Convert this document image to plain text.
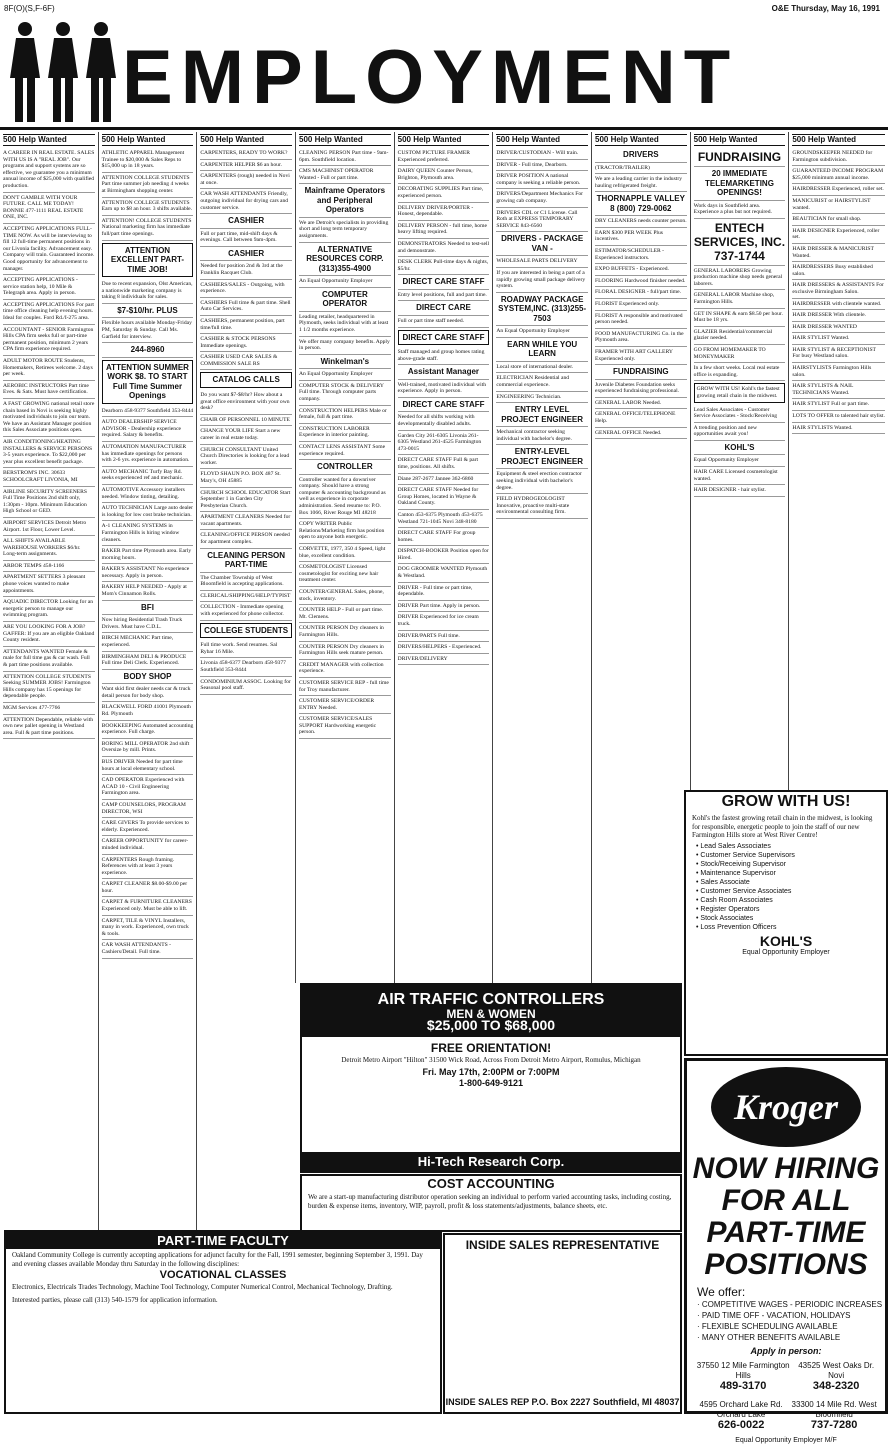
8F(O)(S,F-6F)	O&E Thursday, May 16, 1991
EMPLOYMENT
500 Help Wanted
A CAREER IN REAL ESTATE. SALES WITH US IS A "REAL JOB". Our programs and support systems are so effective, we guarantee you a minimum annual income of $25,000 with qualified production.
DON'T GAMBLE WITH YOUR FUTURE. CALL ME TODAY! BONNIE 477-1111 REAL ESTATE ONE, INC.
ACCEPTING APPLICATIONS FULL-TIME NOW. As will be interviewing to fill 12 full-time permanent positions in our Livonia facility. Advancement easy. Company will train. Guaranteed income. Good opportunity for advancement to manager.
ACCEPTING APPLICATIONS - service station help, 10 Mile & Telegraph area. Apply in person.
ACCEPTING APPLICATIONS For part time office cleaning help evening hours. Ideal for couples. Ford Rd./I-275 area.
ACCOUNTANT - SENIOR Farmington Hills CPA firm seeks full or part-time permanent position, minimum 2 years CPA firm experience required.
ADULT MOTOR ROUTE Students, Homemakers, Retirees welcome. 2 days per week.
AEROBIC INSTRUCTORS Part time Eves. & Sats. Must have certification.
A FAST GROWING national retail store chain based in Novi is seeking highly motivated individuals to join our team. We have an Assistant Manager position this Sales Associate positions open.
AIR CONDITIONING/HEATING INSTALLERS & SERVICE PERSONS 3-5 years experience. To $22,000 per year plus excellent benefit package.
BERSTROM'S INC. 30633 SCHOOLCRAFT LIVONIA, MI
AIRLINE SECURITY SCREENERS Full Time Positions 2nd shift only, 1:30pm - 10pm. Minimum Education High School or GED.
AIRPORT SERVICES Detroit Metro Airport. 1st Floor, Lower Level.
ALL SHIFTS AVAILABLE WAREHOUSE WORKERS $6/hr. Long-term assignments.
ARBOR TEMPS 458-1166
APARTMENT SETTERS 3 pleasant phone voices wanted to make appointments.
AQUADIC DIRECTOR Looking for an energetic person to manage our swimming program.
ARE YOU LOOKING FOR A JOB? GAFFER: If you are an eligible Oakland County resident.
ATTENDANTS WANTED Female & male for full time gas & car wash. Full & part time positions available.
ATTENTION COLLEGE STUDENTS Seeking SUMMER JOBS! Farmington Hills company has 15 openings for dependable people.
MGM Services 477-7766
ATTENTION Dependable, reliable with own new pallet opening in Westland area. Full & part time positions.
500 Help Wanted
ATHLETIC APPAREL Management Trainee to $20,000 & Sales Reps to $15,000 up in 18 years.
ATTENTION COLLEGE STUDENTS Part time summer job needing 4 weeks at Birmingham shopping center.
ATTENTION COLLEGE STUDENTS Earn up to $8 an hour. 3 shifts available.
ATTENTION! COLLEGE STUDENTS National marketing firm has immediate full/part time openings.
ATTENTION EXCELLENT PART-TIME JOB!
Due to recent expansion, Olst American, a nationwide marketing company is taking 8 individuals for sales.
$7-$10/hr. PLUS
Flexible hours available Monday-Friday PM, Saturday & Sunday. Call Ms. Garfield for interview.
244-8960
ATTENTION SUMMER WORK $8. TO START Full Time Summer Openings
Dearborn 458-9377 Southfield 353-8444
AUTO DEALERSHIP SERVICE ADVISOR - Dealership experience required. Salary & benefits.
AUTOMATION MANUFACTURER has immediate openings for persons with 2-6 yrs. experience in automation.
AUTO MECHANIC Turfy Bay Rd. seeks experienced ref and mechanic.
AUTOMOTIVE Accessory installers needed. Window tinting, detailing.
AUTO TECHNICIAN Large auto dealer is looking for low cost brake technician.
A-1 CLEANING SYSTEMS in Farmington Hills is hiring window cleaners.
BAKER Part time Plymouth area. Early morning hours.
BAKER'S ASSISTANT No experience necessary. Apply in person.
BAKERY HELP NEEDED - Apply at Mom's Cinnamon Rolls.
BFI
Now hiring Residential Trash Truck Drivers. Must have C.D.L.
BIRCH MECHANIC Part time, experienced.
BIRMINGHAM DELI & PRODUCE Full time Deli Clerk. Experienced.
BODY SHOP
Want skid first dealer needs car & truck detail person for body shop.
BLACKWELL FORD 41001 Plymouth Rd. Plymouth
BOOKKEEPING Automated accounting experience. Full charge.
BORING MILL OPERATOR 2nd shift Oversize by mill. Prints.
BUS DRIVER Needed for part time hours at local elementary school.
CAD OPERATOR Experienced with ACAD 10 - Civil Engineering Farmington area.
CAMP COUNSELORS, PROGRAM DIRECTOR, WSI
CARE GIVERS To provide services to elderly. Experienced.
CAREER OPPORTUNITY for career-minded individual.
CARPENTERS Rough framing. References with at least 3 years experience.
CARPET CLEANER $8.00-$9.00 per hour.
CARPET & FURNITURE CLEANERS Experienced only. Must be able to lift.
CARPET, TILE & VINYL Installers, many in work. Experienced, own truck & tools.
CAR WASH ATTENDANTS - Cashiers/Detail. Full time.
500 Help Wanted
CARPENTERS, READY TO WORK?
CARPENTER HELPER $6 an hour.
CARPENTERS (rough) needed in Novi at once.
CAR WASH ATTENDANTS Friendly, outgoing individual for drying cars and customer service.
CASHIER
Full or part time, mid-shift days & evenings. Call between 9am-4pm.
CASHIER
Needed for position 2nd & 3rd at the Franklin Racquet Club.
CASHIERS/SALES - Outgoing, with experience.
CASHIERS Full time & part time. Shell Auto Car Services.
CASHIERS, permanent position, part time/full time.
CASHIER & STOCK PERSONS Immediate openings.
CASHIER USED CAR SALES & COMMISSION SALE RS
CATALOG CALLS
Do you want $7-$8/hr? How about a great office environment with your own desk?
CHAIR OF PERSONNEL 10 MINUTE
CHANGE YOUR LIFE Start a new career in real estate today.
CHURCH CONSULTANT United Church Directories is looking for a lead worker.
FLOYD SHAUN P.O. BOX 487 St. Mary's, OH 45885
CHURCH SCHOOL EDUCATOR Start September 1 in Garden City Presbyterian Church.
APARTMENT CLEANERS Needed for vacant apartments.
CLEANING/OFFICE PERSON needed for apartment complex.
CLEANING PERSON PART-TIME
The Chamber Township of West Bloomfield is accepting applications.
CLERICAL/SHIPPING/HELP/TYPIST
COLLECTION - Immediate opening with experienced for phone collector.
COLLEGE STUDENTS
Full time work. Send resumes. Sal Rybar 16 Mile.
Livonia 458-6377 Dearborn 458-9377 Southfield 353-8444
CONDOMINIUM ASSOC. Looking for Seasonal pool staff.
500 Help Wanted
CLEANING PERSON Part time - 9am-6pm. Southfield location.
CMS MACHINIST OPERATOR Wanted - Full or part time.
Mainframe Operators and Peripheral Operators
We are Detroit's specialists in providing short and long term temporary assignments.
ALTERNATIVE RESOURCES CORP. (313)355-4900
An Equal Opportunity Employer
COMPUTER OPERATOR
Leading retailer, headquartered in Plymouth, seeks individual with at least 1 1/2 months experience.
We offer many company benefits. Apply in person.
Winkelman's
An Equal Opportunity Employer
COMPUTER STOCK & DELIVERY Full time. Through computer parts company.
CONSTRUCTION HELPERS Male or female, full & part time.
CONSTRUCTION LABORER Experience in interior painting.
CONTACT LENS ASSISTANT Some experience required.
CONTROLLER
Controller wanted for a downriver company. Should have a strong computer & accounting background as well as experience in corporate administration. Send resume to: P.O. Box 1066, River Rouge MI 48218
COPY WRITER Public Relations/Marketing firm has position open to anyone both energetic.
CORVETTE, 1977, 350 4 Speed, light blue, excellent condition.
COSMETOLOGIST Licensed cosmetologist for exciting new hair treatment center.
COUNTER/GENERAL Sales, phone, stock, inventory.
COUNTER HELP - Full or part time. Mt. Clemens.
COUNTER PERSON Dry cleaners in Farmington Hills.
COUNTER PERSON Dry cleaners in Farmington Hills seek mature person.
CREDIT MANAGER with collection experience.
CUSTOMER SERVICE REP - full time for Troy manufacturer.
CUSTOMER SERVICE/ORDER ENTRY Needed.
CUSTOMER SERVICE/SALES SUPPORT Hardworking energetic person.
500 Help Wanted
CUSTOM PICTURE FRAMER Experienced preferred.
DAIRY QUEEN Counter Person, Brighton, Plymouth area.
DECORATING SUPPLIES Part time, experienced person.
DELIVERY DRIVER/PORTER - Honest, dependable.
DELIVERY PERSON - full time, home heavy lifting required.
DEMONSTRATORS Needed to test-sell and demonstrate.
DESK CLERK Pull-time days & nights, $5/hr.
DIRECT CARE STAFF
Entry level positions, full and part time.
DIRECT CARE
Full or part time staff needed.
DIRECT CARE STAFF
Staff managed and group homes rating above-grade staff.
Assistant Manager
Well-trained, motivated individual with experience. Apply in person.
DIRECT CARE STAFF
Needed for all shifts working with developmentally disabled adults.
Garden City 261-6305 Livonia 261-6305 Westland 261-4525 Farmington 473-0015
DIRECT CARE STAFF Full & part time, positions. All shifts.
Diane 287-2677 Jannee 362-6860
DIRECT CARE STAFF Needed for Group Homes, located in Wayne & Oakland County.
Canton 453-6375 Plymouth 453-6375 Westland 721-1045 Novi 348-8180
DIRECT CARE STAFF For group homes.
DISPATCH-BOOKER Position open for Hired.
DOG GROOMER WANTED Plymouth & Westland.
DRIVER - Full time or part time, dependable.
DRIVER Part time. Apply in person.
DRIVER Experienced for ice cream truck.
DRIVER/PARTS Full time.
DRIVERS/HELPERS - Experienced.
DRIVER/DELIVERY
500 Help Wanted
DRIVER/CUSTODIAN - Will train.
DRIVER - Full time, Dearborn.
DRIVER POSITION A national company is seeking a reliable person.
DRIVERS/Department Mechanics For growing cab company.
DRIVERS CDL or C1 License. Call Roth at EXPRESS TEMPORARY SERVICE 843-6560
DRIVERS - PACKAGE VAN -
WHOLESALE PARTS DELIVERY
If you are interested in being a part of a rapidly growing small package delivery system.
ROADWAY PACKAGE SYSTEM,INC. (313)255-7503
An Equal Opportunity Employer
EARN WHILE YOU LEARN
Local store of international dealer.
ELECTRICIAN Residential and commercial experience.
ENGINEERING Technician.
ENTRY LEVEL PROJECT ENGINEER
Mechanical contractor seeking individual with bachelor's degree.
ENTRY-LEVEL PROJECT ENGINEER
Equipment & steel erection contractor seeking individual with bachelor's degree.
FIELD HYDROGEOLOGIST Innovative, proactive multi-state environmental consulting firm.
500 Help Wanted
DRIVERS
(TRACTOR/TRAILER)
We are a leading carrier in the industry hauling refrigerated freight.
THORNAPPLE VALLEY 8 (800) 729-0062
DRY CLEANERS needs counter person.
EARN $300 PER WEEK Plus incentives.
ESTIMATOR/SCHEDULER - Experienced instructors.
EXPO BUFFETS - Experienced.
FLOORING Hardwood finisher needed.
FLORAL DESIGNER - full/part time.
FLORIST Experienced only.
FLORIST A responsible and motivated person needed.
FOOD MANUFACTURING Co. in the Plymouth area.
FRAMER WITH ART GALLERY Experienced only.
FUNDRAISING
Juvenile Diabetes Foundation seeks experienced fundraising professional.
GENERAL LABOR Needed.
GENERAL OFFICE/TELEPHONE Help.
GENERAL OFFICE Needed.
500 Help Wanted
FUNDRAISING
20 IMMEDIATE TELEMARKETING OPENINGS!
Work days in Southfield area. Experience a plus but not required.
ENTECH SERVICES, INC. 737-1744
GENERAL LABORERS Growing production machine shop needs general laborers.
GENERAL LABOR Machine shop, Farmington Hills.
GET IN SHAPE & earn $8.50 per hour. Must be 18 yrs.
GLAZIER Residential/commercial glazier needed.
GO FROM HOMEMAKER TO MONEYMAKER
In a few short weeks. Local real estate office is expanding.
GROW WITH US! Kohl's the fastest growing retail chain in the midwest.
Lead Sales Associates - Customer Service Associates - Stock/Receiving
A trending position and new opportunities await you!
KOHL'S
Equal Opportunity Employer
HAIR CARE Licensed cosmetologist wanted.
HAIR DESIGNER - hair stylist.
500 Help Wanted
GROUNDSKEEPER NEEDED for Farmington subdivision.
GUARANTEED INCOME PROGRAM $25,000 minimum annual income.
HAIRDRESSER Experienced, roller set.
MANICURIST or HAIRSTYLIST wanted.
BEAUTICIAN for small shop.
HAIR DESIGNER Experienced, roller set.
HAIR DRESSER & MANICURIST Wanted.
HAIRDRESSERS Busy established salon.
HAIR DRESSERS & ASSISTANTS For exclusive Birmingham Salon.
HAIRDRESSER with clientele wanted.
HAIR DRESSER With clientele.
HAIR DRESSER WANTED
HAIR STYLIST Wanted.
HAIR STYLIST & RECEPTIONIST For busy Westland salon.
HAIRSTYLISTS Farmington Hills salon.
HAIR STYLISTS & NAIL TECHNICIANS Wanted.
HAIR STYLIST Full or part time.
LOTS TO OFFER to talented hair stylist.
HAIR STYLISTS Wanted.
AIR TRAFFIC CONTROLLERS
MEN & WOMEN
$25,000 TO $68,000
FREE ORIENTATION!

Detroit Metro Airport "Hilton" 31500 Wick Road, Across From Detroit Metro Airport, Romulus, Michigan

Fri. May 17th, 2:00PM or 7:00PM
1-800-649-9121
Hi-Tech Research Corp.
COST ACCOUNTING

We are a start-up manufacturing distributor operation seeking an individual to perform varied accounting tasks, including costing, burden & expense items, inventory, WIP, payroll, profit & loss statements/adjustments, balance sheets, etc.

PART-TIME FACULTY

Oakland Community College is currently accepting applications for adjunct faculty for the Fall, 1991 semester, beginning September 3, 1991. Day and evening classes available Monday thru Saturday in the following disciplines:

VOCATIONAL CLASSES

Electronics, Electricals Trades Technology, Machine Tool Technology, Computer Numerical Control, Mechanical Technology, Drafting.

Interested parties, please call (313) 540-1579 for application information.

INSIDE SALES REPRESENTATIVE
INSIDE SALES REP P.O. Box 2227 Southfield, MI 48037
Kroger
NOW HIRING FOR ALL PART-TIME POSITIONS
We offer:
· COMPETITIVE WAGES - PERIODIC INCREASES
· PAID TIME OFF - VACATION, HOLIDAYS
· FLEXIBLE SCHEDULING AVAILABLE
· MANY OTHER BENEFITS AVAILABLE
Apply in person:
37550 12 Mile Farmington Hills
489-3170
43525 West Oaks Dr. Novi
348-2320
4595 Orchard Lake Rd. Orchard Lake
626-0022
33300 14 Mile Rd. West Bloomfield
737-7280
Equal Opportunity Employer M/F
GROW WITH US!

Kohl's the fastest growing retail chain in the midwest, is looking for responsible, energetic people to join the staff of our new Farmington Hills store at West River Centre!

• Lead Sales Associates
• Customer Service Supervisors
• Stock/Receiving Supervisor
• Maintenance Supervisor
• Sales Associate
• Customer Service Associates
• Cash Room Associates
• Register Operators
• Stock Associates
• Loss Prevention Officers
KOHL'S
Equal Opportunity Employer
